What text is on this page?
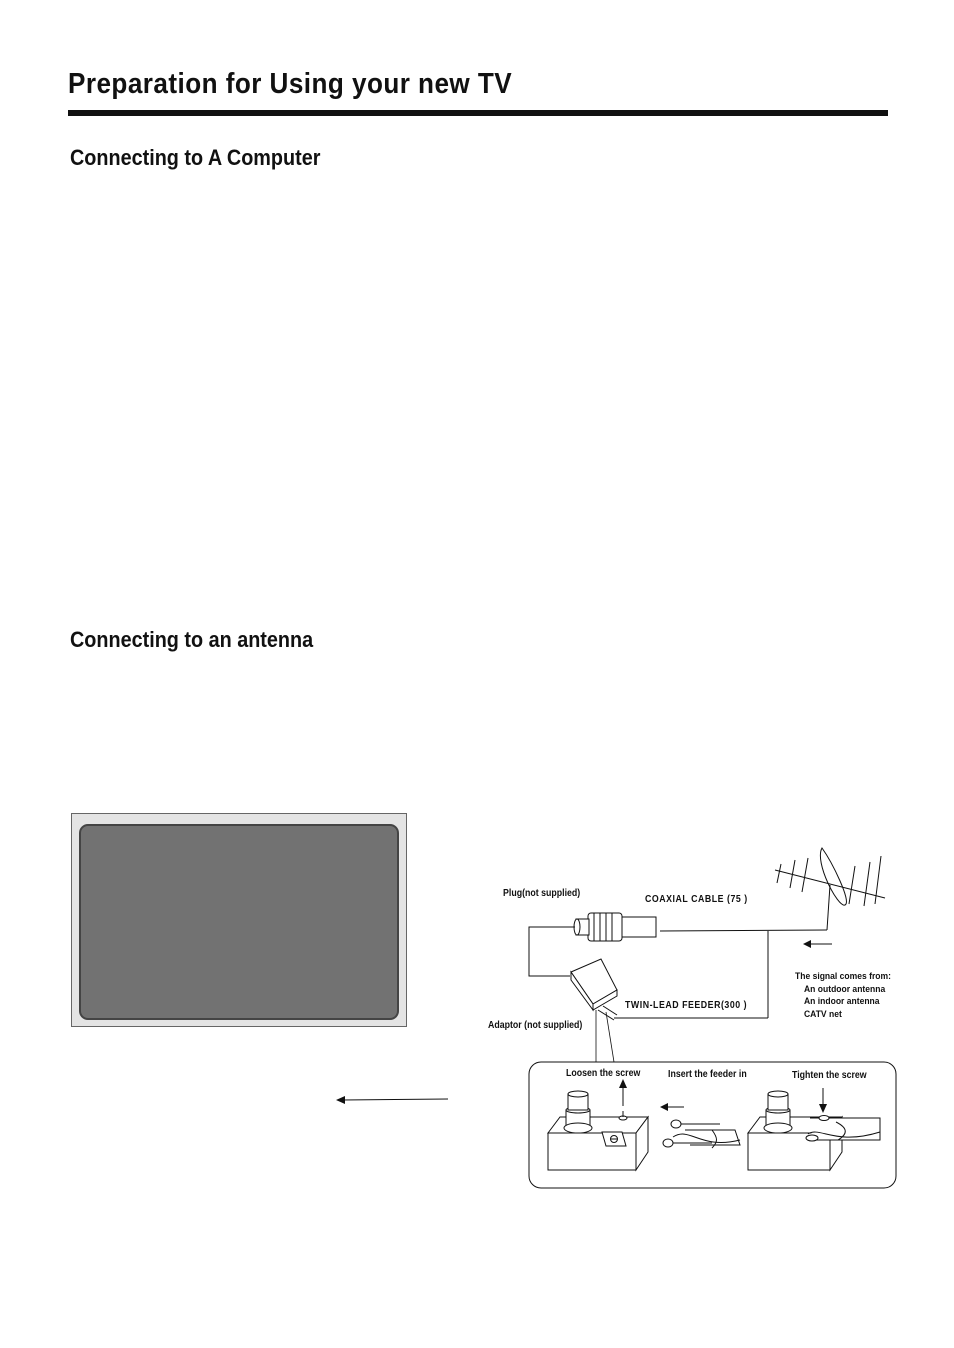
Preparation for Using your new TV
Connecting to A Computer
Connecting to an antenna
Plug(not supplied)
COAXIAL CABLE (75 )
TWIN-LEAD FEEDER(300 )
Adaptor (not supplied)
The signal comes from:
An outdoor antenna
An indoor antenna
CATV net
Loosen the screw	Insert the feeder in	Tighten the screw
